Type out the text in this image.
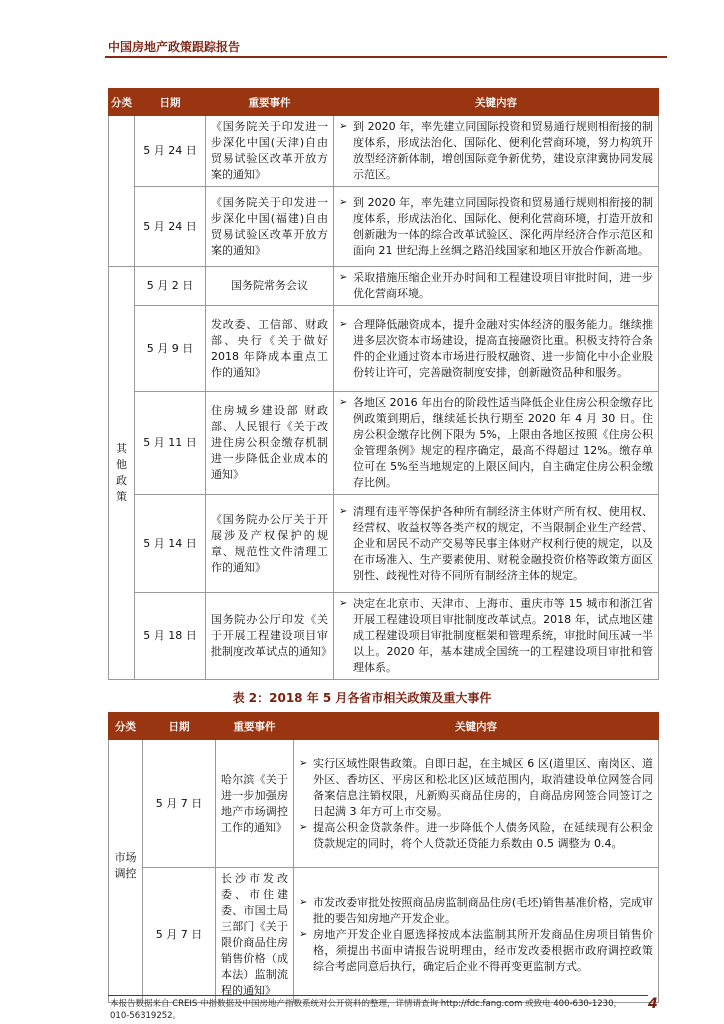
中国房地产政策跟踪报告
分类	日期	重要事件	关键内容
	5 月 24 日	《国务院关于印发进一步深化中国(天津)自由贸易试验区改革开放方案的通知》	➢ 到 2020 年，率先建立同国际投资和贸易通行规则相衔接的制度体系，形成法治化、国际化、便利化营商环境，努力构筑开放型经济新体制，增创国际竞争新优势，建设京津冀协同发展示范区。

	5 月 24 日	《国务院关于印发进一步深化中国(福建)自由贸易试验区改革开放方案的通知》	➢ 到 2020 年，率先建立同国际投资和贸易通行规则相衔接的制度体系，形成法治化、国际化、便利化营商环境，打造开放和创新融为一体的综合改革试验区、深化两岸经济合作示范区和面向 21 世纪海上丝绸之路沿线国家和地区开放合作新高地。

其他政策	5 月 2 日	国务院常务会议	➢ 采取措施压缩企业开办时间和工程建设项目审批时间，进一步优化营商环境。

	5 月 9 日	发改委、工信部、财政部、央行《关于做好 2018 年降成本重点工作的通知》	➢ 合理降低融资成本，提升金融对实体经济的服务能力。继续推进多层次资本市场建设，提高直接融资比重。积极支持符合条件的企业通过资本市场进行股权融资、进一步简化中小企业股份转让许可，完善融资制度安排，创新融资品种和服务。

	5 月 11 日	住房城乡建设部 财政部、人民银行《关于改进住房公积金缴存机制进一步降低企业成本的通知》	➢ 各地区 2016 年出台的阶段性适当降低企业住房公积金缴存比例政策到期后，继续延长执行期至 2020 年 4 月 30 日。住房公积金缴存比例下限为 5%，上限由各地区按照《住房公积金管理条例》规定的程序确定，最高不得超过 12%。缴存单位可在 5%至当地规定的上限区间内，自主确定住房公积金缴存比例。

	5 月 14 日	《国务院办公厅关于开展涉及产权保护的规章、规范性文件清理工作的通知》	➢ 清理有违平等保护各种所有制经济主体财产所有权、使用权、经营权、收益权等各类产权的规定，不当限制企业生产经营、企业和居民不动产交易等民事主体财产权利行使的规定，以及在市场准入、生产要素使用、财税金融投资价格等政策方面区别性、歧视性对待不同所有制经济主体的规定。

	5 月 18 日	国务院办公厅印发《关于开展工程建设项目审批制度改革试点的通知》	➢ 决定在北京市、天津市、上海市、重庆市等 15 城市和浙江省开展工程建设项目审批制度改革试点。2018 年，试点地区建成工程建设项目审批制度框架和管理系统，审批时间压减一半以上。2020 年，基本建成全国统一的工程建设项目审批和管理体系。
表 2：2018 年 5 月各省市相关政策及重大事件
分类	日期	重要事件	关键内容

市场调控	5 月 7 日	哈尔滨《关于进一步加强房地产市场调控工作的通知》	➢ 实行区域性限售政策。自即日起，在主城区 6 区(道里区、南岗区、道外区、香坊区、平房区和松北区)区域范围内，取消建设单位网签合同备案信息注销权限，凡新购买商品住房的，自商品房网签合同签订之日起满 3 年方可上市交易。
➢ 提高公积金贷款条件。进一步降低个人债务风险，在延续现有公积金贷款规定的同时，将个人贷款还贷能力系数由 0.5 调整为 0.4。

	5 月 7 日	长沙市发改委、市住建委、市国土局三部门《关于限价商品住房销售价格（成本法）监制流程的通知》	➢ 市发改委审批处按照商品房监制商品住房(毛坯)销售基准价格，完成审批的要告知房地产开发企业。
➢ 房地产开发企业自愿选择按成本法监制其所开发商品住房项目销售价格，须提出书面申请报告说明理由，经市发改委根据市政府调控政策综合考虑同意后执行，确定后企业不得再变更监制方式。
本报告数据来自 CREIS 中指数据及中国房地产指数系统对公开资料的整理，详情请查询 http://fdc.fang.com 或致电 400-630-1230，010-56319252。
4
